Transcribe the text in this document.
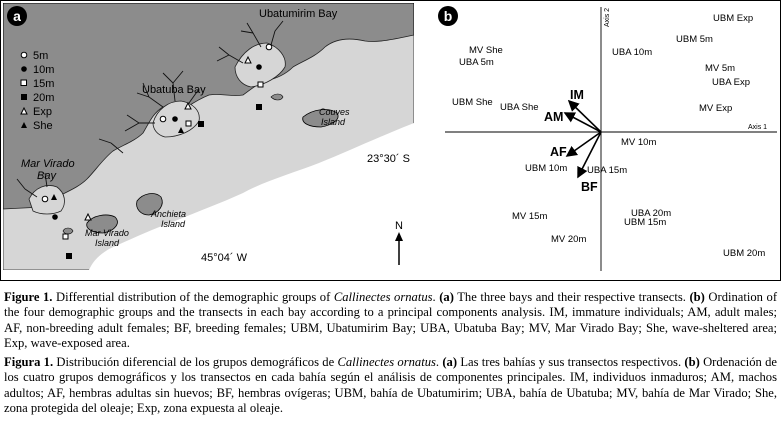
5m
10m
15m
20m
Exp
She
Ubatumirim Bay
Ubatuba Bay
Couves
Island
Mar Virado
Bay
Mar Virado
Island
Anchieta
Island
23°30´ S
45°04´ W
N
a
Axis 1
Axis 2	UBM Exp
MV She
UBA 5m
UBA 10m
UBM 5m
MV 5m
UBA Exp
UBM She UBA She	MV Exp
MV 10m
UBM 10m UBA 15m
MV 15m	UBA 20m
UBM 15m
MV 20m
UBM 20m
IM
AM
AF
BF
b

Figure 1. Differential distribution of the demographic groups of Callinectes ornatus. (a) The three bays and their respective transects. (b) Ordination of the four demographic groups and the transects in each bay according to a principal components analysis. IM, immature individuals; AM, adult males; AF, non-breeding adult females; BF, breeding females; UBM, Ubatumirim Bay; UBA, Ubatuba Bay; MV, Mar Virado Bay; She, wave-sheltered area; Exp, wave-exposed area.

Figura 1. Distribución diferencial de los grupos demográficos de Callinectes ornatus. (a) Las tres bahías y sus transectos respectivos. (b) Ordenación de los cuatro grupos demográficos y los transectos en cada bahía según el análisis de componentes principales. IM, individuos inmaduros; AM, machos adultos; AF, hembras adultas sin huevos; BF, hembras ovígeras; UBM, bahía de Ubatumirim; UBA, bahía de Ubatuba; MV, bahía de Mar Virado; She, zona protegida del oleaje; Exp, zona expuesta al oleaje.
